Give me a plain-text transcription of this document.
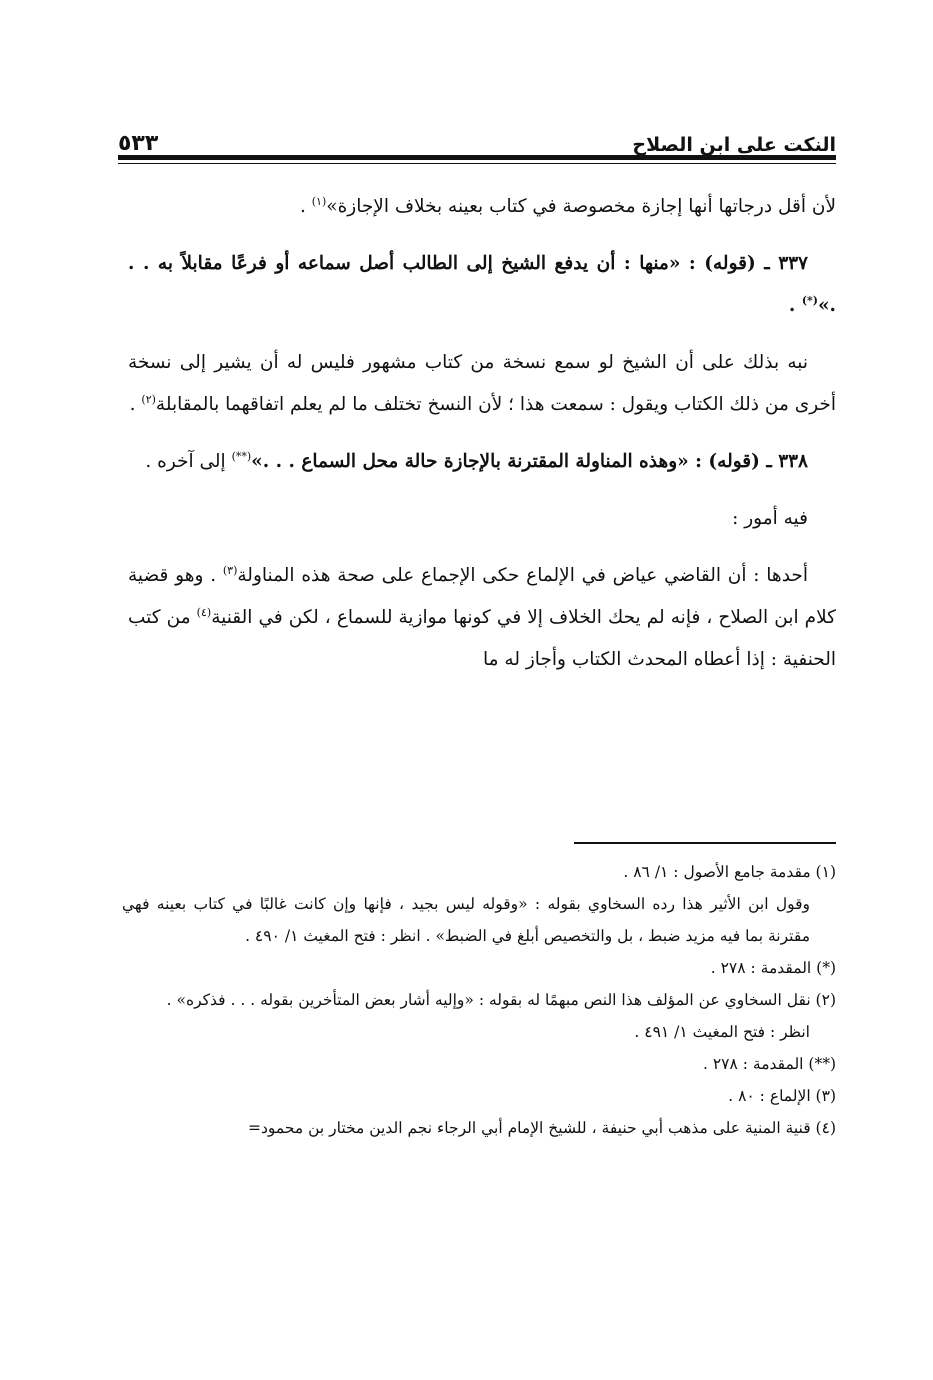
النكت على ابن الصلاح
٥٣٣

لأن أقل درجاتها أنها إجازة مخصوصة في كتاب بعينه بخلاف الإجازة»$^{(١)}$ .

٣٣٧ ـ (قوله) : «منها : أن يدفع الشيخ إلى الطالب أصل سماعه أو فرعًا مقابلاً به . . .»(*) .

نبه بذلك على أن الشيخ لو سمع نسخة من كتاب مشهور فليس له أن يشير إلى نسخة أخرى من ذلك الكتاب ويقول : سمعت هذا ؛ لأن النسخ تختلف ما لم يعلم اتفاقهما بالمقابلة$^{(٢)}$ .

٣٣٨ ـ (قوله) : «وهذه المناولة المقترنة بالإجازة حالة محل السماع . . .»(**) إلى آخره .

فيه أمور :

أحدها : أن القاضي عياض في الإلماع حكى الإجماع على صحة هذه المناولة$^{(٣)}$ . وهو قضية كلام ابن الصلاح ، فإنه لم يحك الخلاف إلا في كونها موازية للسماع ، لكن في القنية$^{(٤)}$ من كتب الحنفية : إذا أعطاه المحدث الكتاب وأجاز له ما

(١) مقدمة جامع الأصول : ١/ ٨٦ .

وقول ابن الأثير هذا رده السخاوي بقوله : «وقوله ليس بجيد ، فإنها وإن كانت غالبًا في كتاب بعينه فهي مقترنة بما فيه مزيد ضبط ، بل والتخصيص أبلغ في الضبط» . انظر : فتح المغيث ١/ ٤٩٠ .

(*) المقدمة : ٢٧٨ .

(٢) نقل السخاوي عن المؤلف هذا النص مبهمًا له بقوله : «وإليه أشار بعض المتأخرين بقوله . . . فذكره» .

انظر : فتح المغيث ١/ ٤٩١ .

(**) المقدمة : ٢٧٨ .

(٣) الإلماع : ٨٠ .

(٤) قنية المنية على مذهب أبي حنيفة ، للشيخ الإمام أبي الرجاء نجم الدين مختار بن محمود=
